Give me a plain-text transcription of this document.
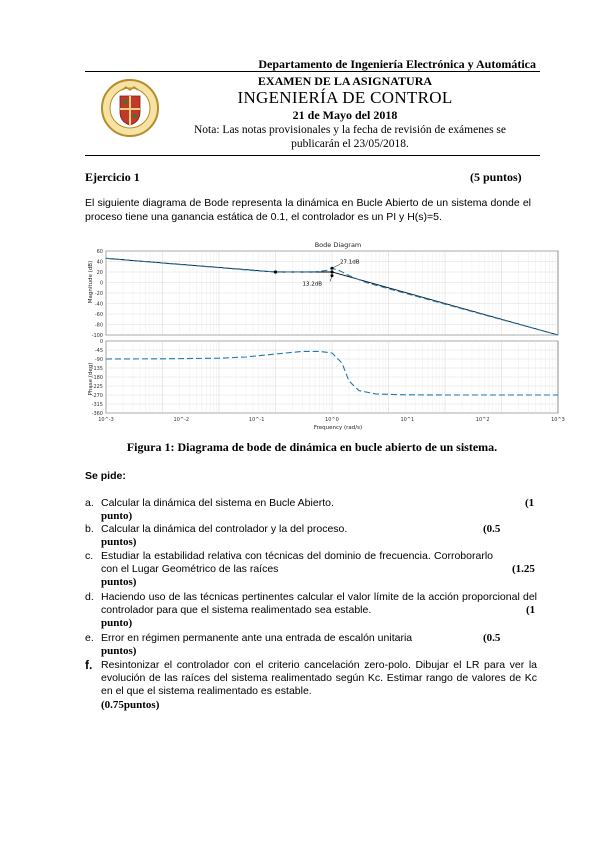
Departamento de Ingeniería Electrónica y Automática
EXAMEN DE LA ASIGNATURA
INGENIERÍA DE CONTROL
21 de Mayo del 2018
Nota: Las notas provisionales y la fecha de revisión de exámenes se
publicarán el 23/05/2018.
Ejercicio 1	(5 puntos)
El siguiente diagrama de Bode representa la dinámica en Bucle Abierto de un sistema donde el proceso tiene una ganancia estática de 0.1, el controlador es un PI y H(s)=5.
Bode Diagram
Magnitude (dB)
Phase (deg)
Frequency (rad/s)
60
40
20
0
-20
-40
-60
-80
-100
0
-45
-90
-135
-180
-225
-270
-315
-360
10^-3	10^-2	10^-1	10^0	10^1	10^2	10^3
27.1dB
13.2dB
Figura 1: Diagrama de bode de dinámica en bucle abierto de un sistema.
Se pide:
a. Calcular la dinámica del sistema en Bucle Abierto.	(1
punto)
b. Calcular la dinámica del controlador y la del proceso.	(0.5
puntos)
c. Estudiar la estabilidad relativa con técnicas del dominio de frecuencia. Corroborarlo con el Lugar Geométrico de las raíces	(1.25
puntos)
d. Haciendo uso de las técnicas pertinentes calcular el valor límite de la acción proporcional del controlador para que el sistema realimentado sea estable.	(1
punto)
e. Error en régimen permanente ante una entrada de escalón unitaria	(0.5
puntos)
f. Resintonizar el controlador con el criterio cancelación zero-polo. Dibujar el LR para ver la evolución de las raíces del sistema realimentado según Kc. Estimar rango de valores de Kc en el que el sistema realimentado es estable.
(0.75puntos)
